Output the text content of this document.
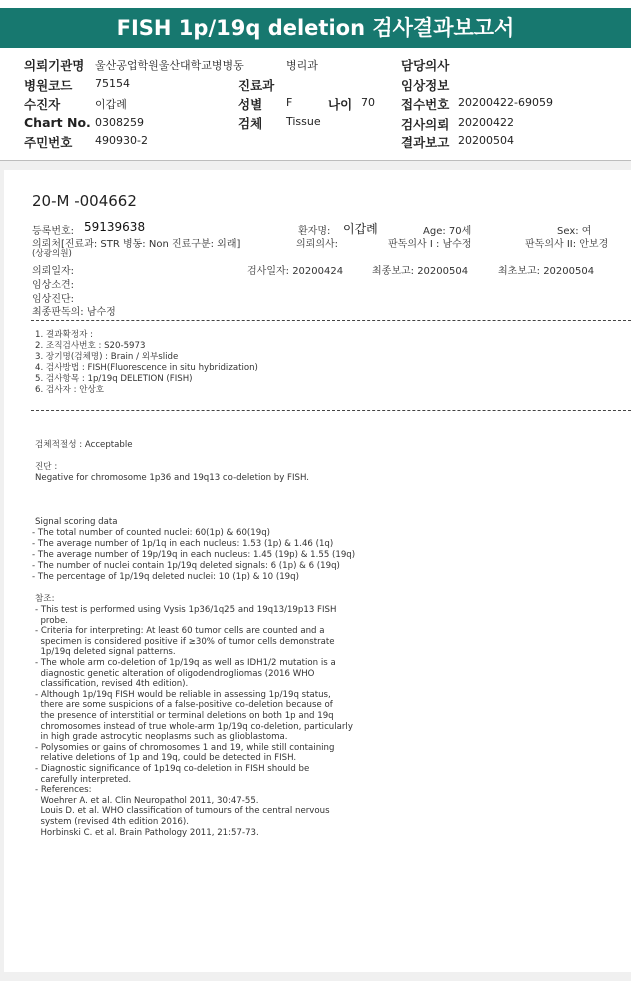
FISH 1p/19q deletion 검사결과보고서
의뢰기관명 울산공업학원울산대학교병병동	병리과	담당의사
병원코드 75154	진료과	임상정보
수진자	이갑례	성별 F	나이 70 접수번호 20200422-69059
Chart No. 0308259	검체 Tissue	검사의뢰 20200422
주민번호 490930-2	결과보고 20200504
20-M -004662
등록번호: 59139638	환자명: 이갑례	Age: 70세	Sex: 여
의뢰처[진료과: STR 병동: Non 진료구분: 외래]	의뢰의사:	판독의사 I : 남수정	판독의사 II: 안보경
(상광의원)
의뢰일자:	검사일자: 20200424	최종보고: 20200504	최초보고: 20200504
임상소견:
임상진단:
최종판독의: 남수정
1. 결과확정자 :
2. 조직검사번호 : S20-5973
3. 장기명(검체명) : Brain / 외부slide
4. 검사방법 : FISH(Fluorescence in situ hybridization)
5. 검사항목 : 1p/19q DELETION (FISH)
6. 검사자 : 안상호
검체적절성 : Acceptable
진단 :
Negative for chromosome 1p36 and 19q13 co-deletion by FISH.
Signal scoring data
- The total number of counted nuclei: 60(1p) & 60(19q)
- The average number of 1p/1q in each nucleus: 1.53 (1p) & 1.46 (1q)
- The average number of 19p/19q in each nucleus: 1.45 (19p) & 1.55 (19q)
- The number of nuclei contain 1p/19q deleted signals: 6 (1p) & 6 (19q)
- The percentage of 1p/19q deleted nuclei: 10 (1p) & 10 (19q)
참조:
- This test is performed using Vysis 1p36/1q25 and 19q13/19p13 FISH
probe.
- Criteria for interpreting: At least 60 tumor cells are counted and a
specimen is considered positive if ≥30% of tumor cells demonstrate
1p/19q deleted signal patterns.
- The whole arm co-deletion of 1p/19q as well as IDH1/2 mutation is a
diagnostic genetic alteration of oligodendrogliomas (2016 WHO
classification, revised 4th edition).
- Although 1p/19q FISH would be reliable in assessing 1p/19q status,
there are some suspicions of a false-positive co-deletion because of
the presence of interstitial or terminal deletions on both 1p and 19q
chromosomes instead of true whole-arm 1p/19q co-deletion, particularly
in high grade astrocytic neoplasms such as glioblastoma.
- Polysomies or gains of chromosomes 1 and 19, while still containing
relative deletions of 1p and 19q, could be detected in FISH.
- Diagnostic significance of 1p19q co-deletion in FISH should be
carefully interpreted.
- References:
Woehrer A. et al. Clin Neuropathol 2011, 30:47-55.
Louis D. et al. WHO classification of tumours of the central nervous
system (revised 4th edition 2016).
Horbinski C. et al. Brain Pathology 2011, 21:57-73.
